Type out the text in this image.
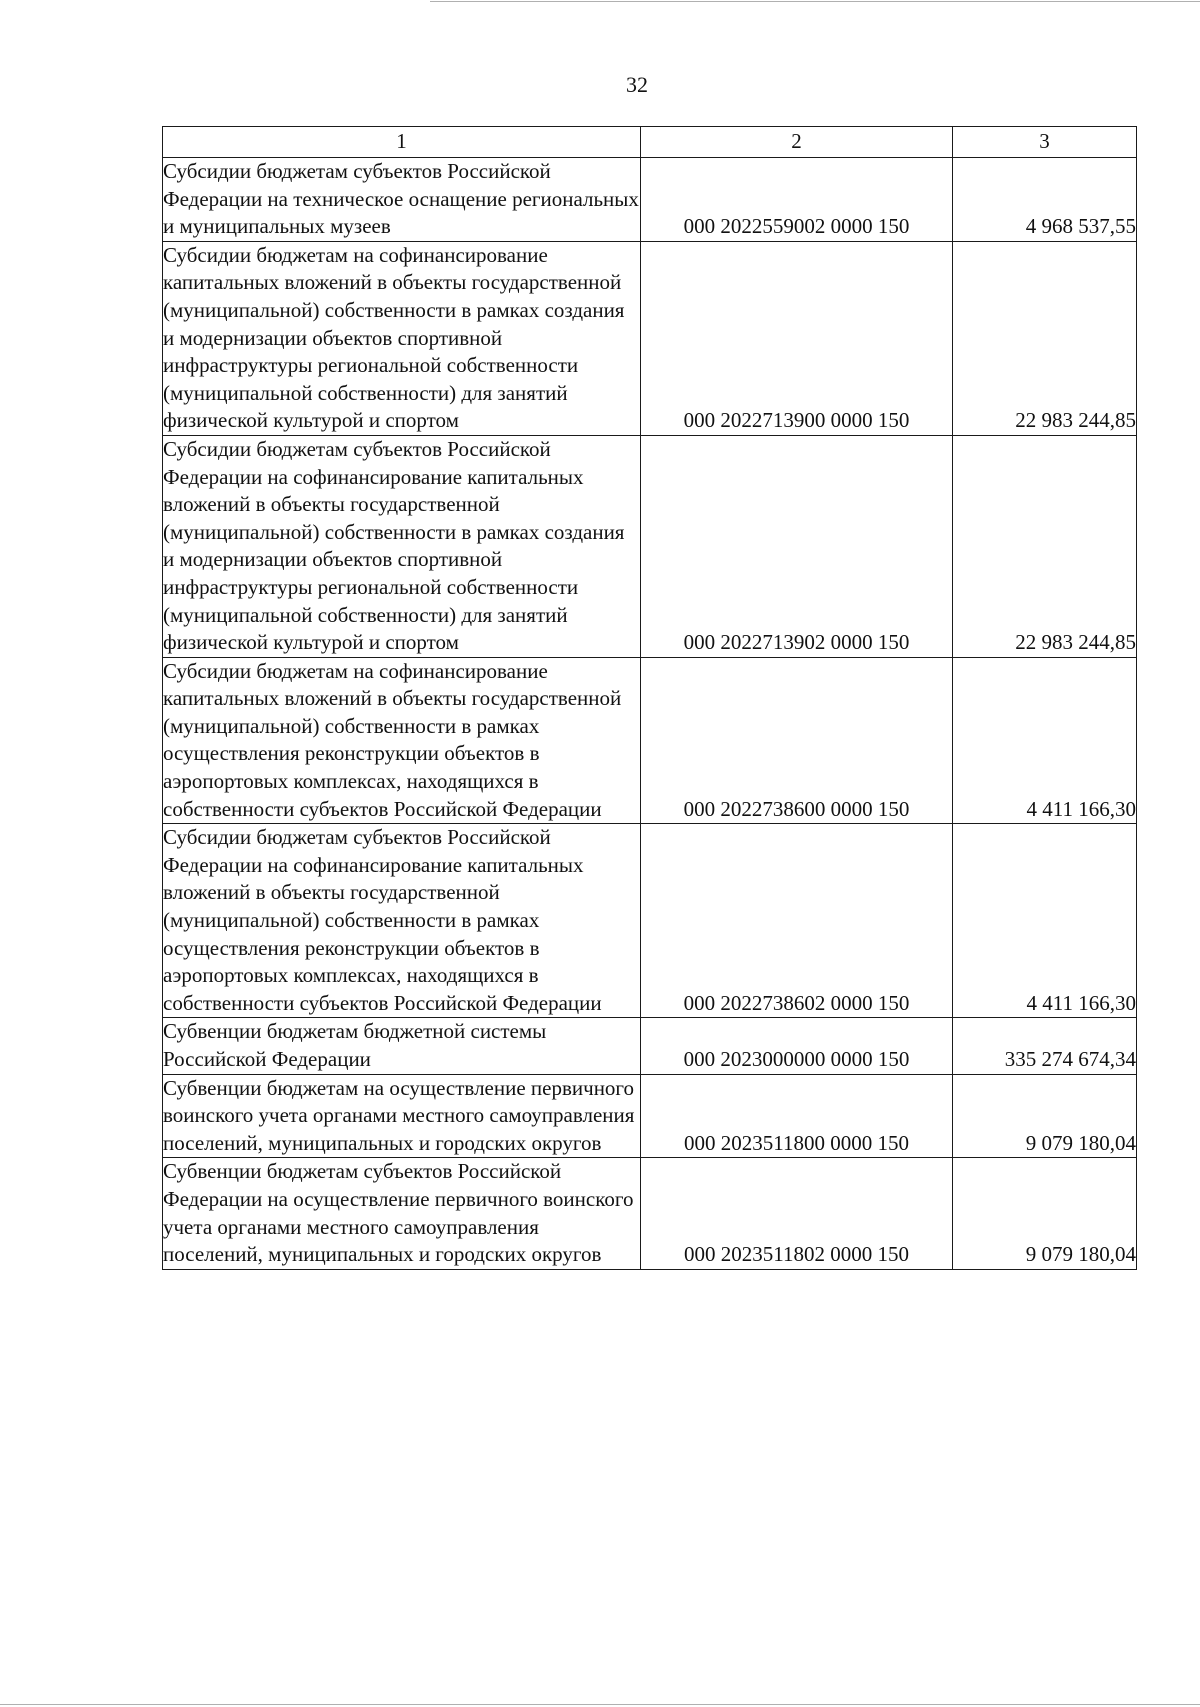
32
1	2	3
Субсидии бюджетам субъектов Российской Федерации на техническое оснащение региональных и муниципальных музеев	000 2022559002 0000 150	4 968 537,55
Субсидии бюджетам на софинансирование капитальных вложений в объекты государственной (муниципальной) собственности в рамках создания и модернизации объектов спортивной инфраструктуры региональной собственности (муниципальной собственности) для занятий физической культурой и спортом	000 2022713900 0000 150	22 983 244,85
Субсидии бюджетам субъектов Российской Федерации на софинансирование капитальных вложений в объекты государственной (муниципальной) собственности в рамках создания и модернизации объектов спортивной инфраструктуры региональной собственности (муниципальной собственности) для занятий физической культурой и спортом	000 2022713902 0000 150	22 983 244,85
Субсидии бюджетам на софинансирование капитальных вложений в объекты государственной (муниципальной) собственности в рамках осуществления реконструкции объектов в аэропортовых комплексах, находящихся в собственности субъектов Российской Федерации	000 2022738600 0000 150	4 411 166,30
Субсидии бюджетам субъектов Российской Федерации на софинансирование капитальных вложений в объекты государственной (муниципальной) собственности в рамках осуществления реконструкции объектов в аэропортовых комплексах, находящихся в собственности субъектов Российской Федерации	000 2022738602 0000 150	4 411 166,30
Субвенции бюджетам бюджетной системы Российской Федерации	000 2023000000 0000 150	335 274 674,34
Субвенции бюджетам на осуществление первичного воинского учета органами местного самоуправления поселений, муниципальных и городских округов	000 2023511800 0000 150	9 079 180,04
Субвенции бюджетам субъектов Российской Федерации на осуществление первичного воинского учета органами местного самоуправления поселений, муниципальных и городских округов	000 2023511802 0000 150	9 079 180,04
